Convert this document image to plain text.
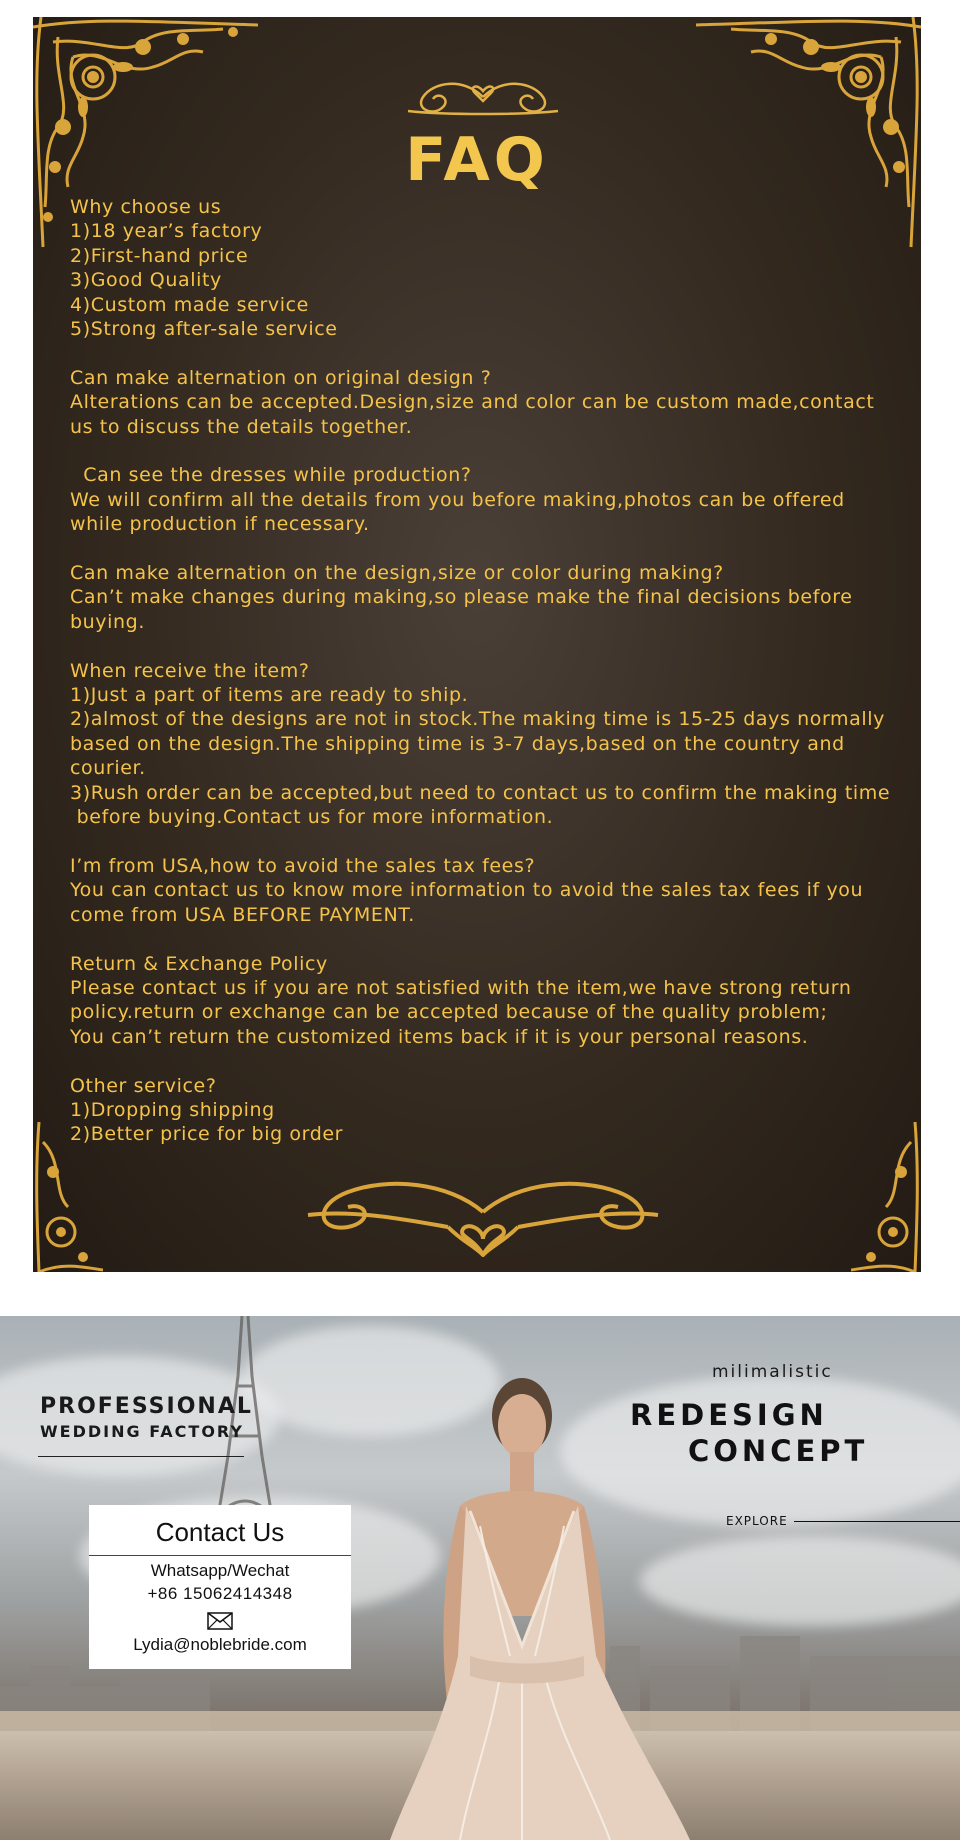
FAQ
Why choose us
1)18 year’s factory
2)First-hand price
3)Good Quality
4)Custom made service
5)Strong after-sale service
Can make alternation on original design ?
Alterations can be accepted.Design,size and color can be custom made,contact
us to discuss the details together.
Can see the dresses while production?
We will confirm all the details from you before making,photos can be offered
while production if necessary.
Can make alternation on the design,size or color during making?
Can’t make changes during making,so please make the final decisions before
buying.
When receive the item?
1)Just a part of items are ready to ship.
2)almost of the designs are not in stock.The making time is 15-25 days normally
based on the design.The shipping time is 3-7 days,based on the country and
courier.
3)Rush order can be accepted,but need to contact us to confirm the making time
before buying.Contact us for more information.
I’m from USA,how to avoid the sales tax fees?
You can contact us to know more information to avoid the sales tax fees if you
come from USA BEFORE PAYMENT.
Return & Exchange Policy
Please contact us if you are not satisfied with the item,we have strong return
policy.return or exchange can be accepted because of the quality problem;
You can’t return the customized items back if it is your personal reasons.
Other service?
1)Dropping shipping
2)Better price for big order
PROFESSIONAL
WEDDING FACTORY
Contact Us
Whatsapp/Wechat
+86 15062414348
Lydia@noblebride.com
milimalistic
REDESIGN
CONCEPT
EXPLORE
